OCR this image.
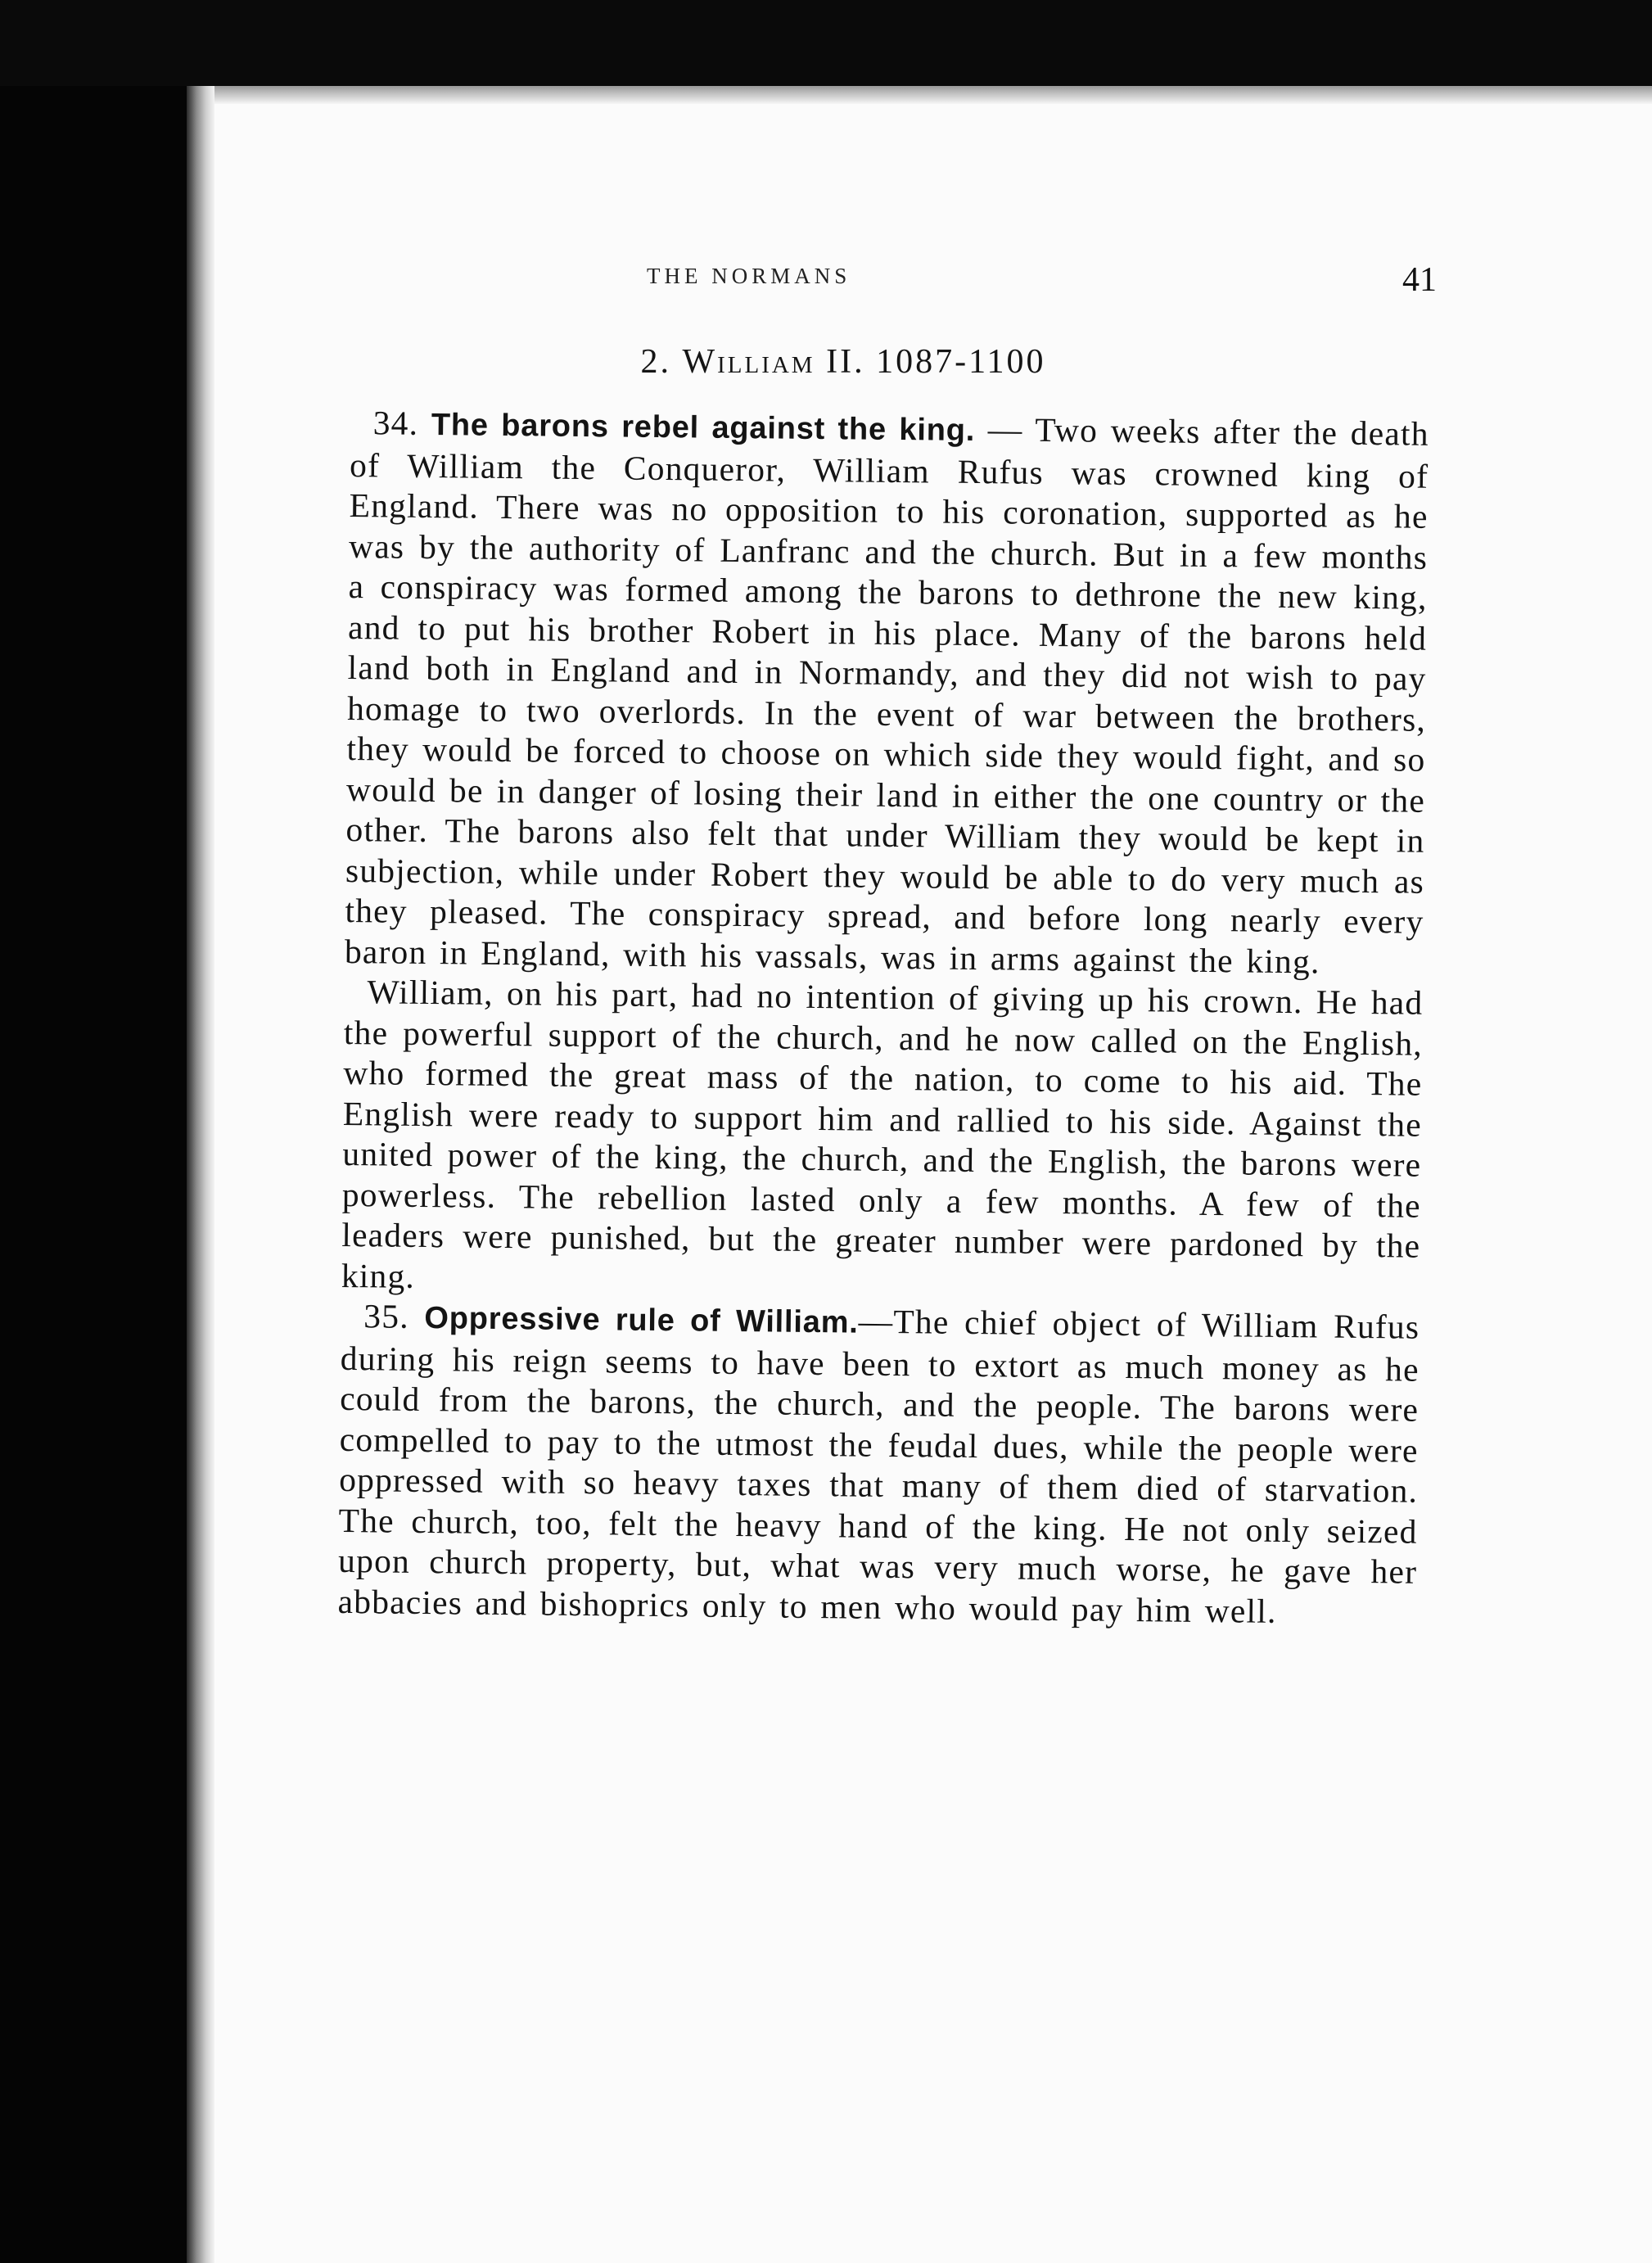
THE NORMANS	41
2. William II. 1087-1100

34. The barons rebel against the king. — Two weeks after the death of William the Conqueror, William Rufus was crowned king of England. There was no opposition to his coronation, supported as he was by the authority of Lanfranc and the church. But in a few months a conspiracy was formed among the barons to dethrone the new king, and to put his brother Robert in his place. Many of the barons held land both in England and in Normandy, and they did not wish to pay homage to two overlords. In the event of war between the brothers, they would be forced to choose on which side they would fight, and so would be in danger of losing their land in either the one country or the other. The barons also felt that under William they would be kept in subjection, while under Robert they would be able to do very much as they pleased. The conspiracy spread, and before long nearly every baron in England, with his vassals, was in arms against the king.

William, on his part, had no intention of giving up his crown. He had the powerful support of the church, and he now called on the English, who formed the great mass of the nation, to come to his aid. The English were ready to support him and rallied to his side. Against the united power of the king, the church, and the English, the barons were powerless. The rebellion lasted only a few months. A few of the leaders were punished, but the greater number were pardoned by the king.

35. Oppressive rule of William.—The chief object of William Rufus during his reign seems to have been to extort as much money as he could from the barons, the church, and the people. The barons were compelled to pay to the utmost the feudal dues, while the people were oppressed with so heavy taxes that many of them died of starvation. The church, too, felt the heavy hand of the king. He not only seized upon church property, but, what was very much worse, he gave her abbacies and bishoprics only to men who would pay him well.
